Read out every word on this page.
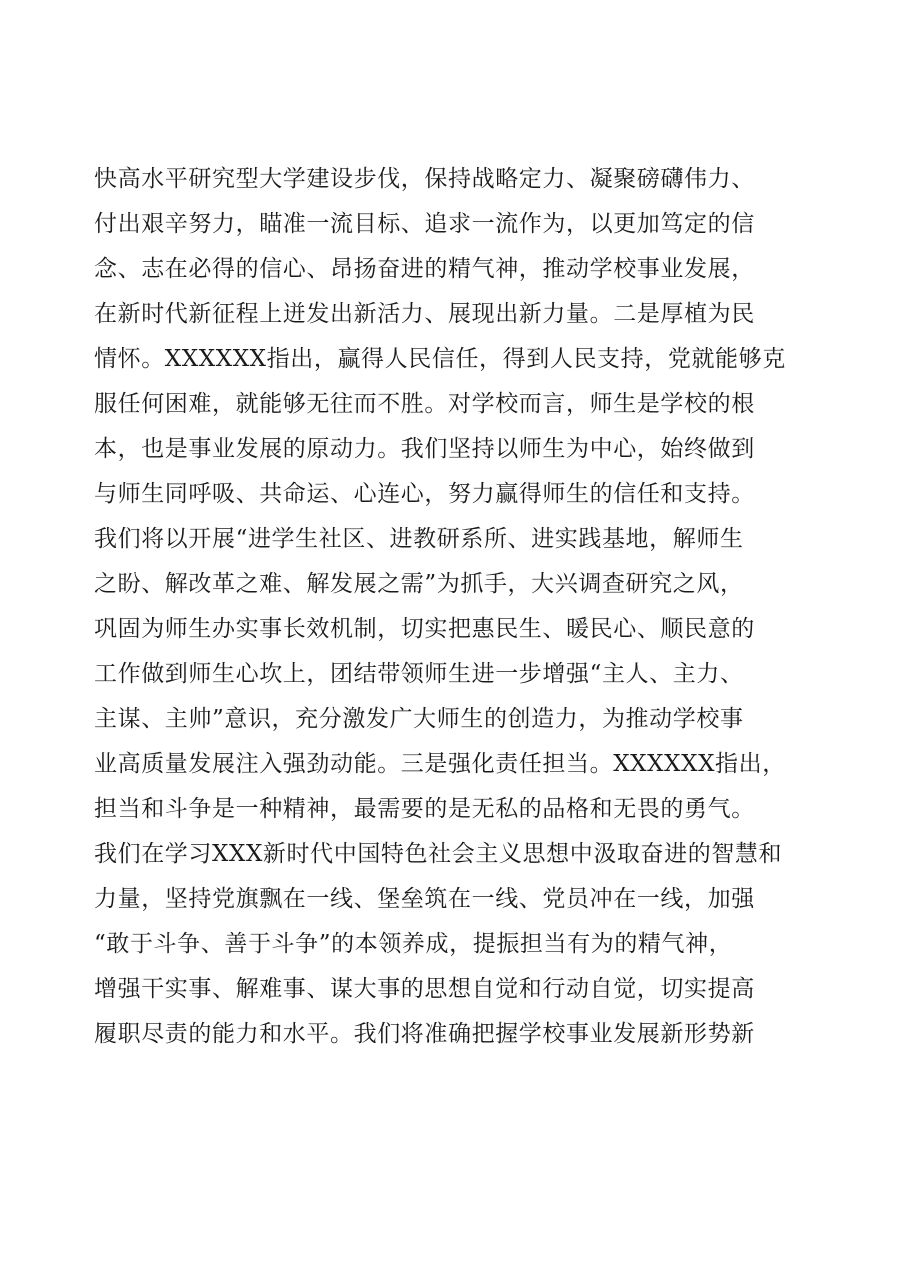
快高水平研究型大学建设步伐，保持战略定力、凝聚磅礴伟力、
付出艰辛努力，瞄准一流目标、追求一流作为，以更加笃定的信
念、志在必得的信心、昂扬奋进的精气神，推动学校事业发展，
在新时代新征程上迸发出新活力、展现出新力量。二是厚植为民
情怀。XXXXXX指出，赢得人民信任，得到人民支持，党就能够克
服任何困难，就能够无往而不胜。对学校而言，师生是学校的根
本，也是事业发展的原动力。我们坚持以师生为中心，始终做到
与师生同呼吸、共命运、心连心，努力赢得师生的信任和支持。
我们将以开展“进学生社区、进教研系所、进实践基地，解师生
之盼、解改革之难、解发展之需”为抓手，大兴调查研究之风，
巩固为师生办实事长效机制，切实把惠民生、暖民心、顺民意的
工作做到师生心坎上，团结带领师生进一步增强“主人、主力、
主谋、主帅”意识，充分激发广大师生的创造力，为推动学校事
业高质量发展注入强劲动能。三是强化责任担当。XXXXXX指出，
担当和斗争是一种精神，最需要的是无私的品格和无畏的勇气。
我们在学习XXX新时代中国特色社会主义思想中汲取奋进的智慧和
力量，坚持党旗飘在一线、堡垒筑在一线、党员冲在一线，加强
“敢于斗争、善于斗争”的本领养成，提振担当有为的精气神，
增强干实事、解难事、谋大事的思想自觉和行动自觉，切实提高
履职尽责的能力和水平。我们将准确把握学校事业发展新形势新
